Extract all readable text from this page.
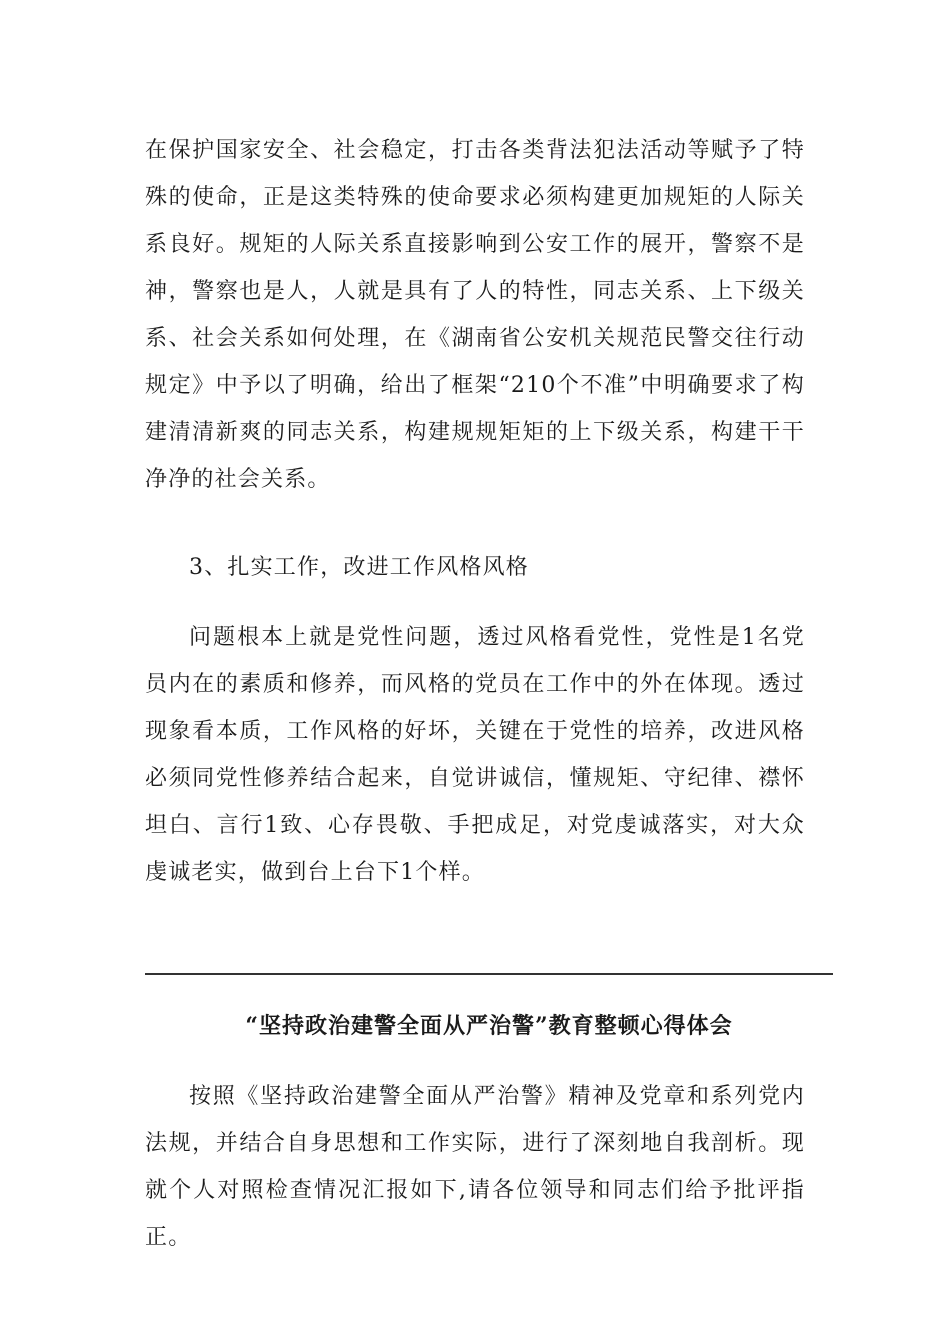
在保护国家安全、社会稳定，打击各类背法犯法活动等赋予了特殊的使命，正是这类特殊的使命要求必须构建更加规矩的人际关系良好。规矩的人际关系直接影响到公安工作的展开，警察不是神，警察也是人，人就是具有了人的特性，同志关系、上下级关系、社会关系如何处理，在《湖南省公安机关规范民警交往行动规定》中予以了明确，给出了框架“210个不准”中明确要求了构建清清新爽的同志关系，构建规规矩矩的上下级关系，构建干干净净的社会关系。
3、扎实工作，改进工作风格风格
问题根本上就是党性问题，透过风格看党性，党性是1名党员内在的素质和修养，而风格的党员在工作中的外在体现。透过现象看本质，工作风格的好坏，关键在于党性的培养，改进风格必须同党性修养结合起来，自觉讲诚信，懂规矩、守纪律、襟怀坦白、言行1致、心存畏敬、手把成足，对党虔诚落实，对大众虔诚老实，做到台上台下1个样。
“坚持政治建警全面从严治警”教育整顿心得体会
按照《坚持政治建警全面从严治警》精神及党章和系列党内法规，并结合自身思想和工作实际，进行了深刻地自我剖析。现就个人对照检查情况汇报如下,请各位领导和同志们给予批评指正。
